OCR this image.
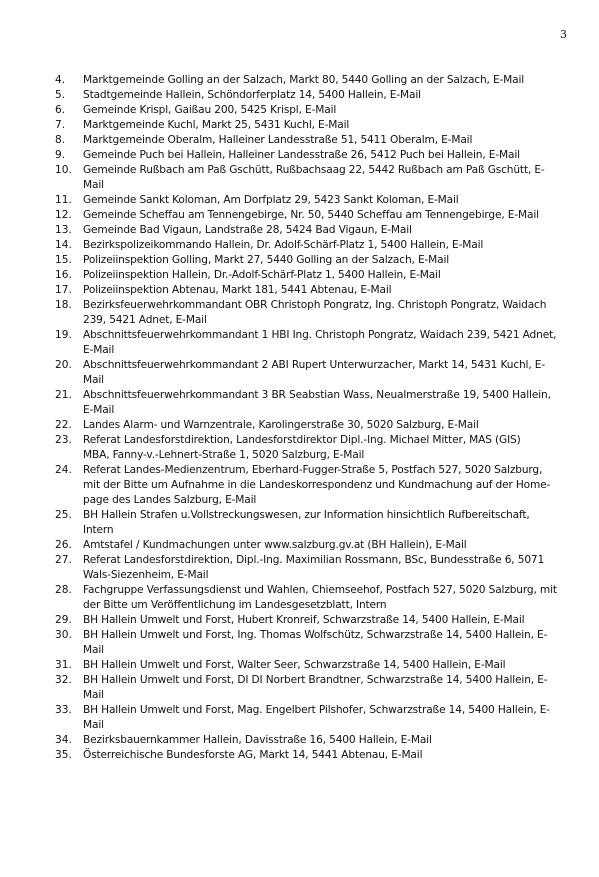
3
4.	Marktgemeinde Golling an der Salzach, Markt 80, 5440 Golling an der Salzach, E-Mail
5.	Stadtgemeinde Hallein, Schöndorferplatz 14, 5400 Hallein, E-Mail
6.	Gemeinde Krispl, Gaißau 200, 5425 Krispl, E-Mail
7.	Marktgemeinde Kuchl, Markt 25, 5431 Kuchl, E-Mail
8.	Marktgemeinde Oberalm, Halleiner Landesstraße 51, 5411 Oberalm, E-Mail
9.	Gemeinde Puch bei Hallein, Halleiner Landesstraße 26, 5412 Puch bei Hallein, E-Mail
10.	Gemeinde Rußbach am Paß Gschütt, Rußbachsaag 22, 5442 Rußbach am Paß Gschütt, E-
Mail
11.	Gemeinde Sankt Koloman, Am Dorfplatz 29, 5423 Sankt Koloman, E-Mail
12.	Gemeinde Scheffau am Tennengebirge, Nr. 50, 5440 Scheffau am Tennengebirge, E-Mail
13.	Gemeinde Bad Vigaun, Landstraße 28, 5424 Bad Vigaun, E-Mail
14.	Bezirkspolizeikommando Hallein, Dr. Adolf-Schärf-Platz 1, 5400 Hallein, E-Mail
15.	Polizeiinspektion Golling, Markt 27, 5440 Golling an der Salzach, E-Mail
16.	Polizeiinspektion Hallein, Dr.-Adolf-Schärf-Platz 1, 5400 Hallein, E-Mail
17.	Polizeiinspektion Abtenau, Markt 181, 5441 Abtenau, E-Mail
18.	Bezirksfeuerwehrkommandant OBR Christoph Pongratz, Ing. Christoph Pongratz, Waidach
239, 5421 Adnet, E-Mail
19.	Abschnittsfeuerwehrkommandant 1 HBI Ing. Christoph Pongratz, Waidach 239, 5421 Adnet,
E-Mail
20.	Abschnittsfeuerwehrkommandant 2 ABI Rupert Unterwurzacher, Markt 14, 5431 Kuchl, E-
Mail
21.	Abschnittsfeuerwehrkommandant 3 BR Seabstian Wass, Neualmerstraße 19, 5400 Hallein,
E-Mail
22.	Landes Alarm- und Warnzentrale, Karolingerstraße 30, 5020 Salzburg, E-Mail
23.	Referat Landesforstdirektion, Landesforstdirektor Dipl.-Ing. Michael Mitter, MAS (GIS)
MBA, Fanny-v.-Lehnert-Straße 1, 5020 Salzburg, E-Mail
24.	Referat Landes-Medienzentrum, Eberhard-Fugger-Straße 5, Postfach 527, 5020 Salzburg,
mit der Bitte um Aufnahme in die Landeskorrespondenz und Kundmachung auf der Home-
page des Landes Salzburg, E-Mail
25.	BH Hallein Strafen u.Vollstreckungswesen, zur Information hinsichtlich Rufbereitschaft,
Intern
26.	Amtstafel / Kundmachungen unter www.salzburg.gv.at (BH Hallein), E-Mail
27.	Referat Landesforstdirektion, Dipl.-Ing. Maximilian Rossmann, BSc, Bundesstraße 6, 5071
Wals-Siezenheim, E-Mail
28.	Fachgruppe Verfassungsdienst und Wahlen, Chiemseehof, Postfach 527, 5020 Salzburg, mit
der Bitte um Veröffentlichung im Landesgesetzblatt, Intern
29.	BH Hallein Umwelt und Forst, Hubert Kronreif, Schwarzstraße 14, 5400 Hallein, E-Mail
30.	BH Hallein Umwelt und Forst, Ing. Thomas Wolfschütz, Schwarzstraße 14, 5400 Hallein, E-
Mail
31.	BH Hallein Umwelt und Forst, Walter Seer, Schwarzstraße 14, 5400 Hallein, E-Mail
32.	BH Hallein Umwelt und Forst, DI DI Norbert Brandtner, Schwarzstraße 14, 5400 Hallein, E-
Mail
33.	BH Hallein Umwelt und Forst, Mag. Engelbert Pilshofer, Schwarzstraße 14, 5400 Hallein, E-
Mail
34.	Bezirksbauernkammer Hallein, Davisstraße 16, 5400 Hallein, E-Mail
35.	Österreichische Bundesforste AG, Markt 14, 5441 Abtenau, E-Mail
